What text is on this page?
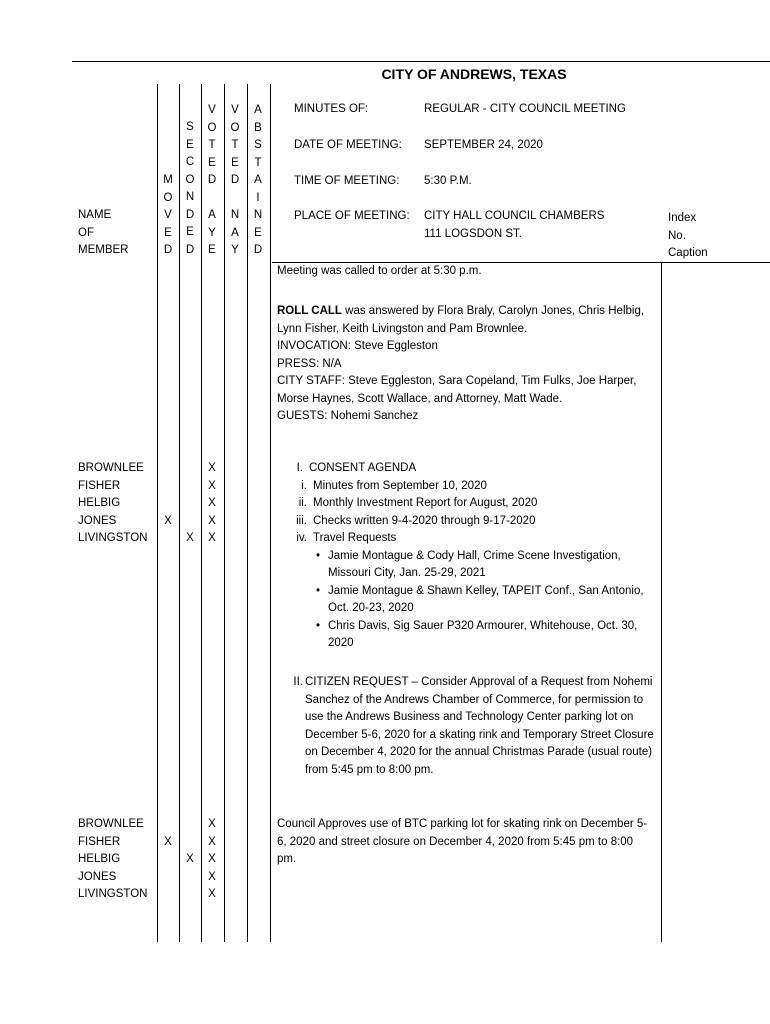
CITY OF ANDREWS, TEXAS
M
O
V
E
D
S
E
C
O
N
D
E
D
V
O
T
E
D
A
Y
E
V
O
T
E
D
N
A
Y
A
B
S
T
A
I
N
E
D
NAME
OF
MEMBER
MINUTES OF:	REGULAR - CITY COUNCIL MEETING
DATE OF MEETING: SEPTEMBER 24, 2020
TIME OF MEETING: 5:30 P.M.
PLACE OF MEETING: CITY HALL COUNCIL CHAMBERS
111 LOGSDON ST.
Index
No.
Caption

Meeting was called to order at 5:30 p.m.

ROLL CALL was answered by Flora Braly, Carolyn Jones, Chris Helbig, Lynn Fisher, Keith Livingston and Pam Brownlee.

INVOCATION: Steve Eggleston

PRESS: N/A

CITY STAFF: Steve Eggleston, Sara Copeland, Tim Fulks, Joe Harper, Morse Haynes, Scott Wallace, and Attorney, Matt Wade.

GUESTS: Nohemi Sanchez

BROWNLEE
FISHER
HELBIG
JONES
LIVINGSTON
X
X
X
X
X
X
X
I. CONSENT AGENDA
i. Minutes from September 10, 2020
ii. Monthly Investment Report for August, 2020
iii. Checks written 9-4-2020 through 9-17-2020
iv. Travel Requests
• Jamie Montague & Cody Hall, Crime Scene Investigation, Missouri City, Jan. 25-29, 2021
• Jamie Montague & Shawn Kelley, TAPEIT Conf., San Antonio, Oct. 20-23, 2020
• Chris Davis, Sig Sauer P320 Armourer, Whitehouse, Oct. 30, 2020
II. CITIZEN REQUEST – Consider Approval of a Request from Nohemi Sanchez of the Andrews Chamber of Commerce, for permission to use the Andrews Business and Technology Center parking lot on December 5-6, 2020 for a skating rink and Temporary Street Closure on December 4, 2020 for the annual Christmas Parade (usual route) from 5:45 pm to 8:00 pm.
BROWNLEE
FISHER
HELBIG
JONES
LIVINGSTON
X
X
X
X
X
X
X

Council Approves use of BTC parking lot for skating rink on December 5-6, 2020 and street closure on December 4, 2020 from 5:45 pm to 8:00 pm.
